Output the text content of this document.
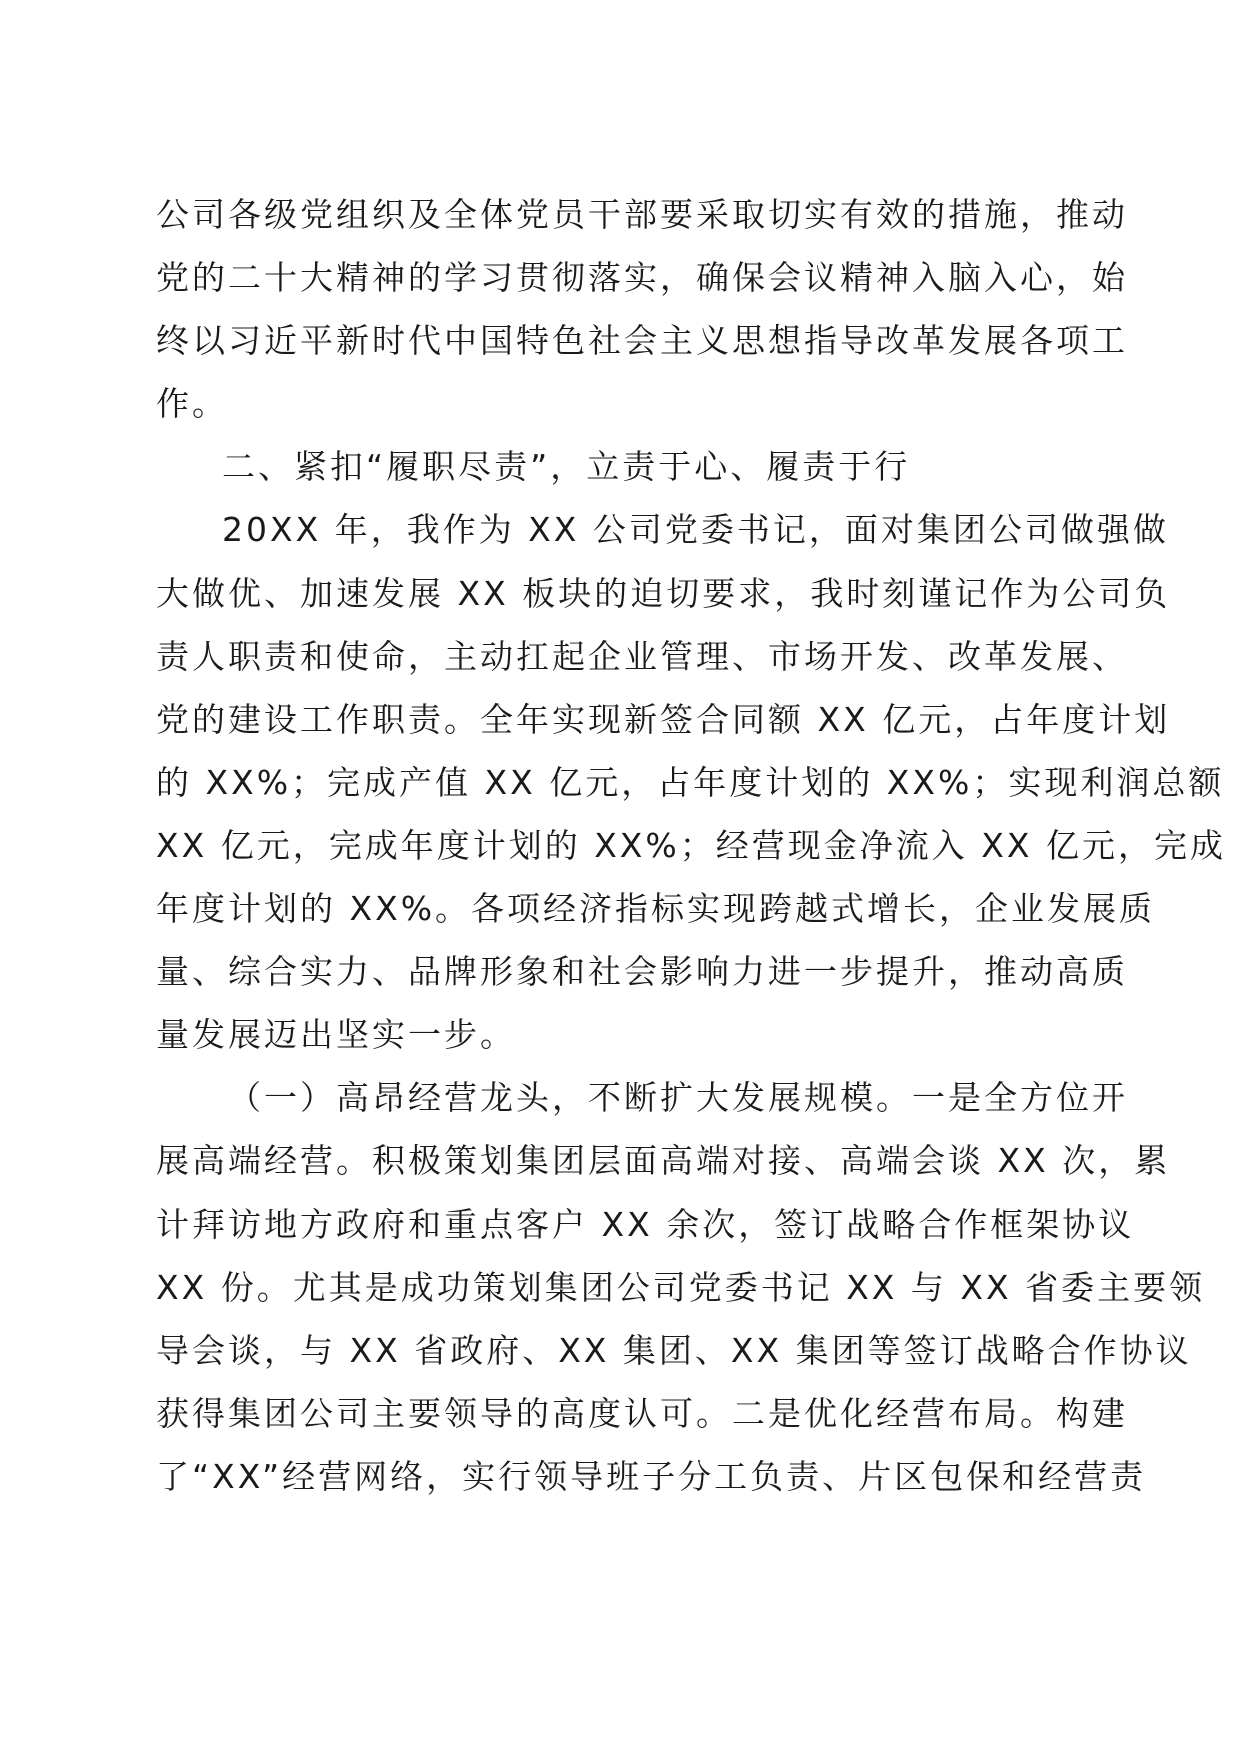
公司各级党组织及全体党员干部要采取切实有效的措施，推动
党的二十大精神的学习贯彻落实，确保会议精神入脑入心，始
终以习近平新时代中国特色社会主义思想指导改革发展各项工
作。
二、紧扣“履职尽责”，立责于心、履责于行
20XX 年，我作为 XX 公司党委书记，面对集团公司做强做
大做优、加速发展 XX 板块的迫切要求，我时刻谨记作为公司负
责人职责和使命，主动扛起企业管理、市场开发、改革发展、
党的建设工作职责。全年实现新签合同额 XX 亿元，占年度计划
的 XX%；完成产值 XX 亿元，占年度计划的 XX%；实现利润总额
XX 亿元，完成年度计划的 XX%；经营现金净流入 XX 亿元，完成
年度计划的 XX%。各项经济指标实现跨越式增长，企业发展质
量、综合实力、品牌形象和社会影响力进一步提升，推动高质
量发展迈出坚实一步。
（一）高昂经营龙头，不断扩大发展规模。一是全方位开
展高端经营。积极策划集团层面高端对接、高端会谈 XX 次，累
计拜访地方政府和重点客户 XX 余次，签订战略合作框架协议
XX 份。尤其是成功策划集团公司党委书记 XX 与 XX 省委主要领
导会谈，与 XX 省政府、XX 集团、XX 集团等签订战略合作协议
获得集团公司主要领导的高度认可。二是优化经营布局。构建
了“XX”经营网络，实行领导班子分工负责、片区包保和经营责
